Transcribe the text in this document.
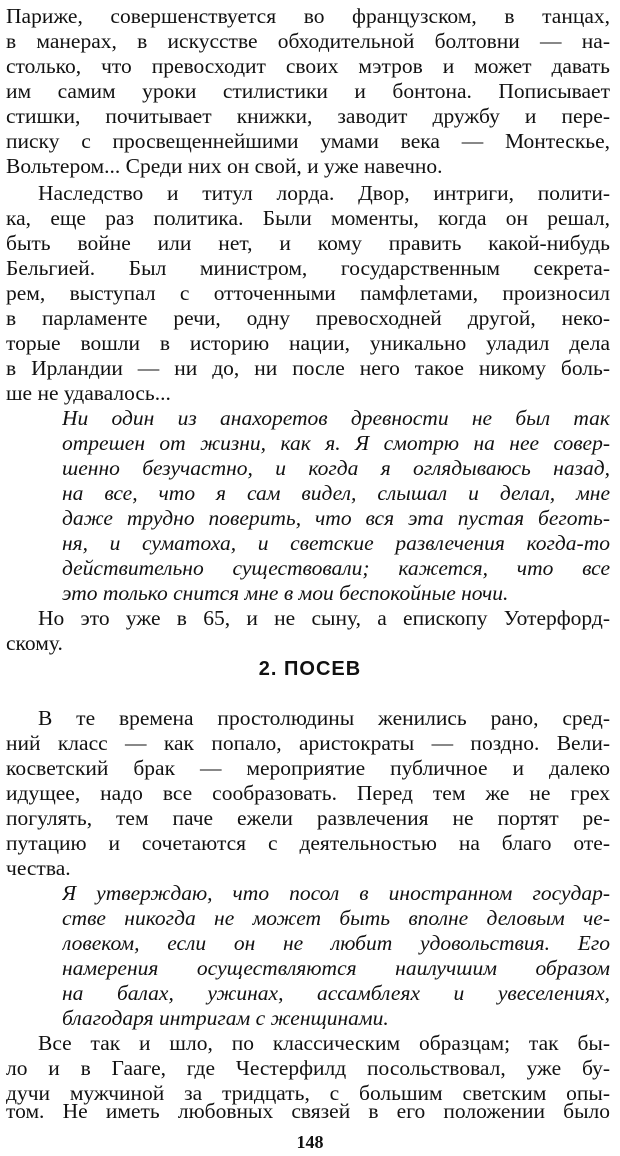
Париже, совершенствуется во французском, в танцах,
в манерах, в искусстве обходительной болтовни — на-
столько, что превосходит своих мэтров и может давать
им самим уроки стилистики и бонтона. Пописывает
стишки, почитывает книжки, заводит дружбу и пере-
писку с просвещеннейшими умами века — Монтескье,
Вольтером... Среди них он свой, и уже навечно.
Наследство и титул лорда. Двор, интриги, полити-
ка, еще раз политика. Были моменты, когда он решал,
быть войне или нет, и кому править какой-нибудь
Бельгией. Был министром, государственным секрета-
рем, выступал с отточенными памфлетами, произносил
в парламенте речи, одну превосходней другой, неко-
торые вошли в историю нации, уникально уладил дела
в Ирландии — ни до, ни после него такое никому боль-
ше не удавалось...
Ни один из анахоретов древности не был так
отрешен от жизни, как я. Я смотрю на нее совер-
шенно безучастно, и когда я оглядываюсь назад,
на все, что я сам видел, слышал и делал, мне
даже трудно поверить, что вся эта пустая беготь-
ня, и суматоха, и светские развлечения когда-то
действительно существовали; кажется, что все
это только снится мне в мои беспокойные ночи.
Но это уже в 65, и не сыну, а епископу Уотерфорд-
скому.
2. ПОСЕВ
В те времена простолюдины женились рано, сред-
ний класс — как попало, аристократы — поздно. Вели-
косветский брак — мероприятие публичное и далеко
идущее, надо все сообразовать. Перед тем же не грех
погулять, тем паче ежели развлечения не портят ре-
путацию и сочетаются с деятельностью на благо оте-
чества.
Я утверждаю, что посол в иностранном государ-
стве никогда не может быть вполне деловым че-
ловеком, если он не любит удовольствия. Его
намерения осуществляются наилучшим образом
на балах, ужинах, ассамблеях и увеселениях,
благодаря интригам с женщинами.
Все так и шло, по классическим образцам; так бы-
ло и в Гааге, где Честерфилд посольствовал, уже бу-
дучи мужчиной за тридцать, с большим светским опы-
том. Не иметь любовных связей в его положении было
148
